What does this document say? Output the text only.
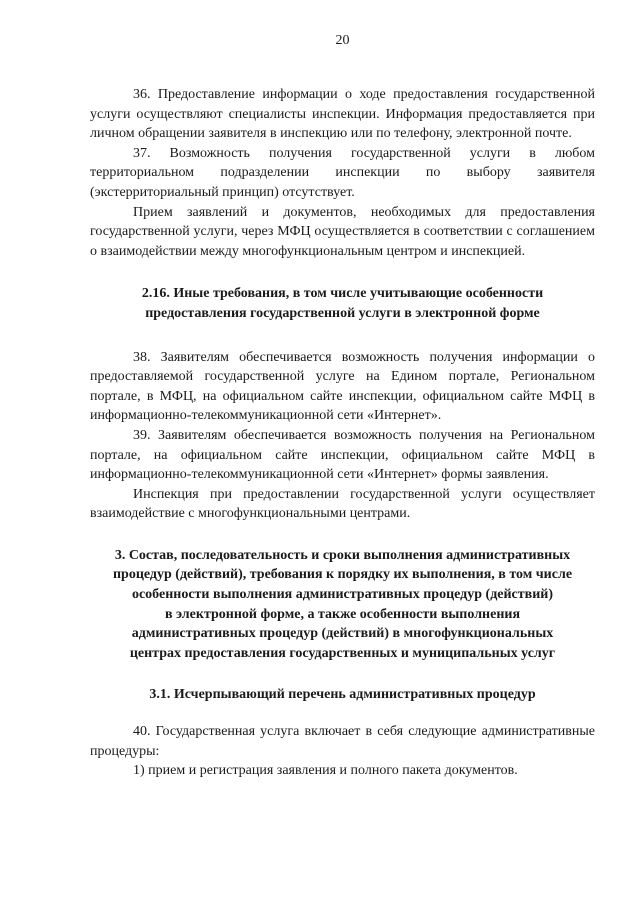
20

36. Предоставление информации о ходе предоставления государственной услуги осуществляют специалисты инспекции. Информация предоставляется при личном обращении заявителя в инспекцию или по телефону, электронной почте.

37. Возможность получения государственной услуги в любом территориальном подразделении инспекции по выбору заявителя (экстерриториальный принцип) отсутствует.

Прием заявлений и документов, необходимых для предоставления государственной услуги, через МФЦ осуществляется в соответствии с соглашением о взаимодействии между многофункциональным центром и инспекцией.

2.16. Иные требования, в том числе учитывающие особенности
предоставления государственной услуги в электронной форме

38. Заявителям обеспечивается возможность получения информации о предоставляемой государственной услуге на Едином портале, Региональном портале, в МФЦ, на официальном сайте инспекции, официальном сайте МФЦ в информационно-телекоммуникационной сети «Интернет».

39. Заявителям обеспечивается возможность получения на Региональном портале, на официальном сайте инспекции, официальном сайте МФЦ в информационно-телекоммуникационной сети «Интернет» формы заявления.

Инспекция при предоставлении государственной услуги осуществляет взаимодействие с многофункциональными центрами.

3. Состав, последовательность и сроки выполнения административных
процедур (действий), требования к порядку их выполнения, в том числе
особенности выполнения административных процедур (действий)
в электронной форме, а также особенности выполнения
административных процедур (действий) в многофункциональных
центрах предоставления государственных и муниципальных услуг
3.1. Исчерпывающий перечень административных процедур

40. Государственная услуга включает в себя следующие административные процедуры:

1) прием и регистрация заявления и полного пакета документов.
